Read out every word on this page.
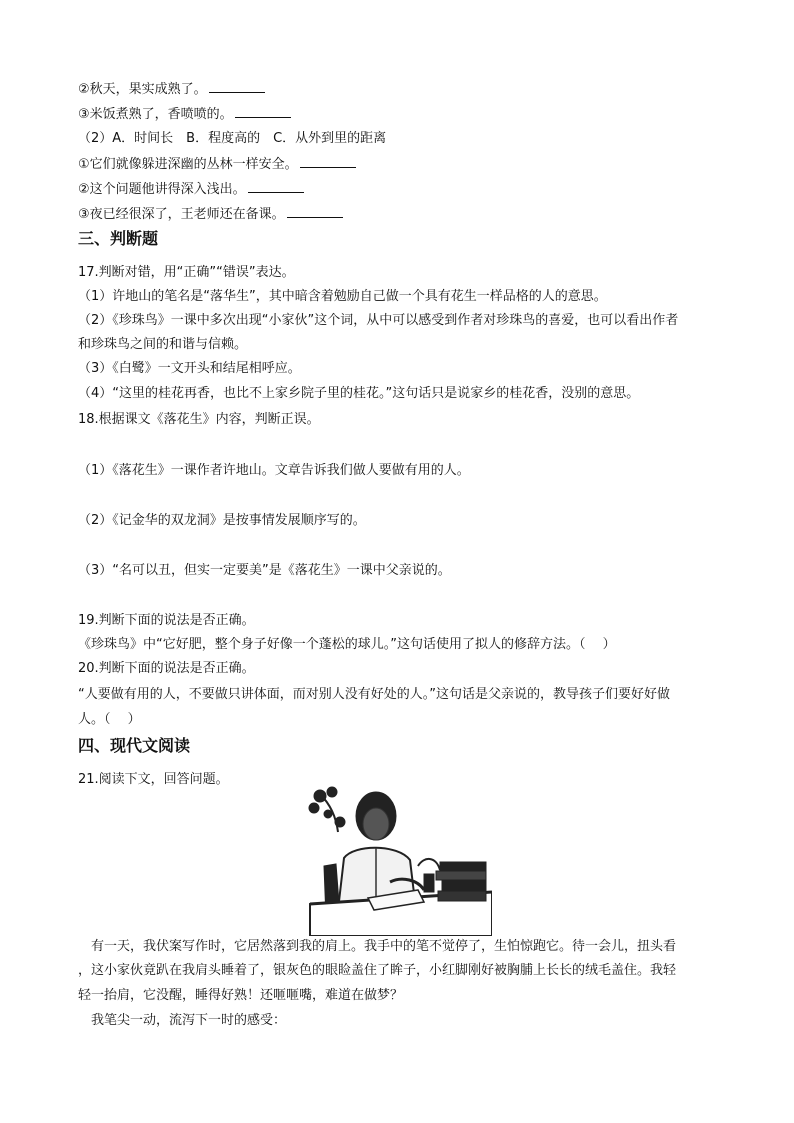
②秋天，果实成熟了。
③米饭煮熟了，香喷喷的。
（2）A．时间长　B．程度高的　C．从外到里的距离
①它们就像躲进深幽的丛林一样安全。
②这个问题他讲得深入浅出。
③夜已经很深了，王老师还在备课。
三、判断题
17.判断对错，用“正确”“错误”表达。
（1）许地山的笔名是“落华生”，其中暗含着勉励自己做一个具有花生一样品格的人的意思。
（2）《珍珠鸟》一课中多次出现“小家伙”这个词，从中可以感受到作者对珍珠鸟的喜爱，也可以看出作者
和珍珠鸟之间的和谐与信赖。
（3）《白鹭》一文开头和结尾相呼应。
（4）“这里的桂花再香，也比不上家乡院子里的桂花。”这句话只是说家乡的桂花香，没别的意思。
18.根据课文《落花生》内容，判断正误。
（1）《落花生》一课作者许地山。文章告诉我们做人要做有用的人。
（2）《记金华的双龙洞》是按事情发展顺序写的。
（3）“名可以丑，但实一定要美”是《落花生》一课中父亲说的。
19.判断下面的说法是否正确。
《珍珠鸟》中“它好肥，整个身子好像一个蓬松的球儿。”这句话使用了拟人的修辞方法。（　 ）
20.判断下面的说法是否正确。
“人要做有用的人，不要做只讲体面，而对别人没有好处的人。”这句话是父亲说的，教导孩子们要好好做
人。（　 ）
四、现代文阅读
21.阅读下文，回答问题。
　有一天，我伏案写作时，它居然落到我的肩上。我手中的笔不觉停了，生怕惊跑它。待一会儿，扭头看
，这小家伙竟趴在我肩头睡着了，银灰色的眼睑盖住了眸子，小红脚刚好被胸脯上长长的绒毛盖住。我轻
轻一抬肩，它没醒，睡得好熟！还咂咂嘴，难道在做梦？
　我笔尖一动，流泻下一时的感受：
